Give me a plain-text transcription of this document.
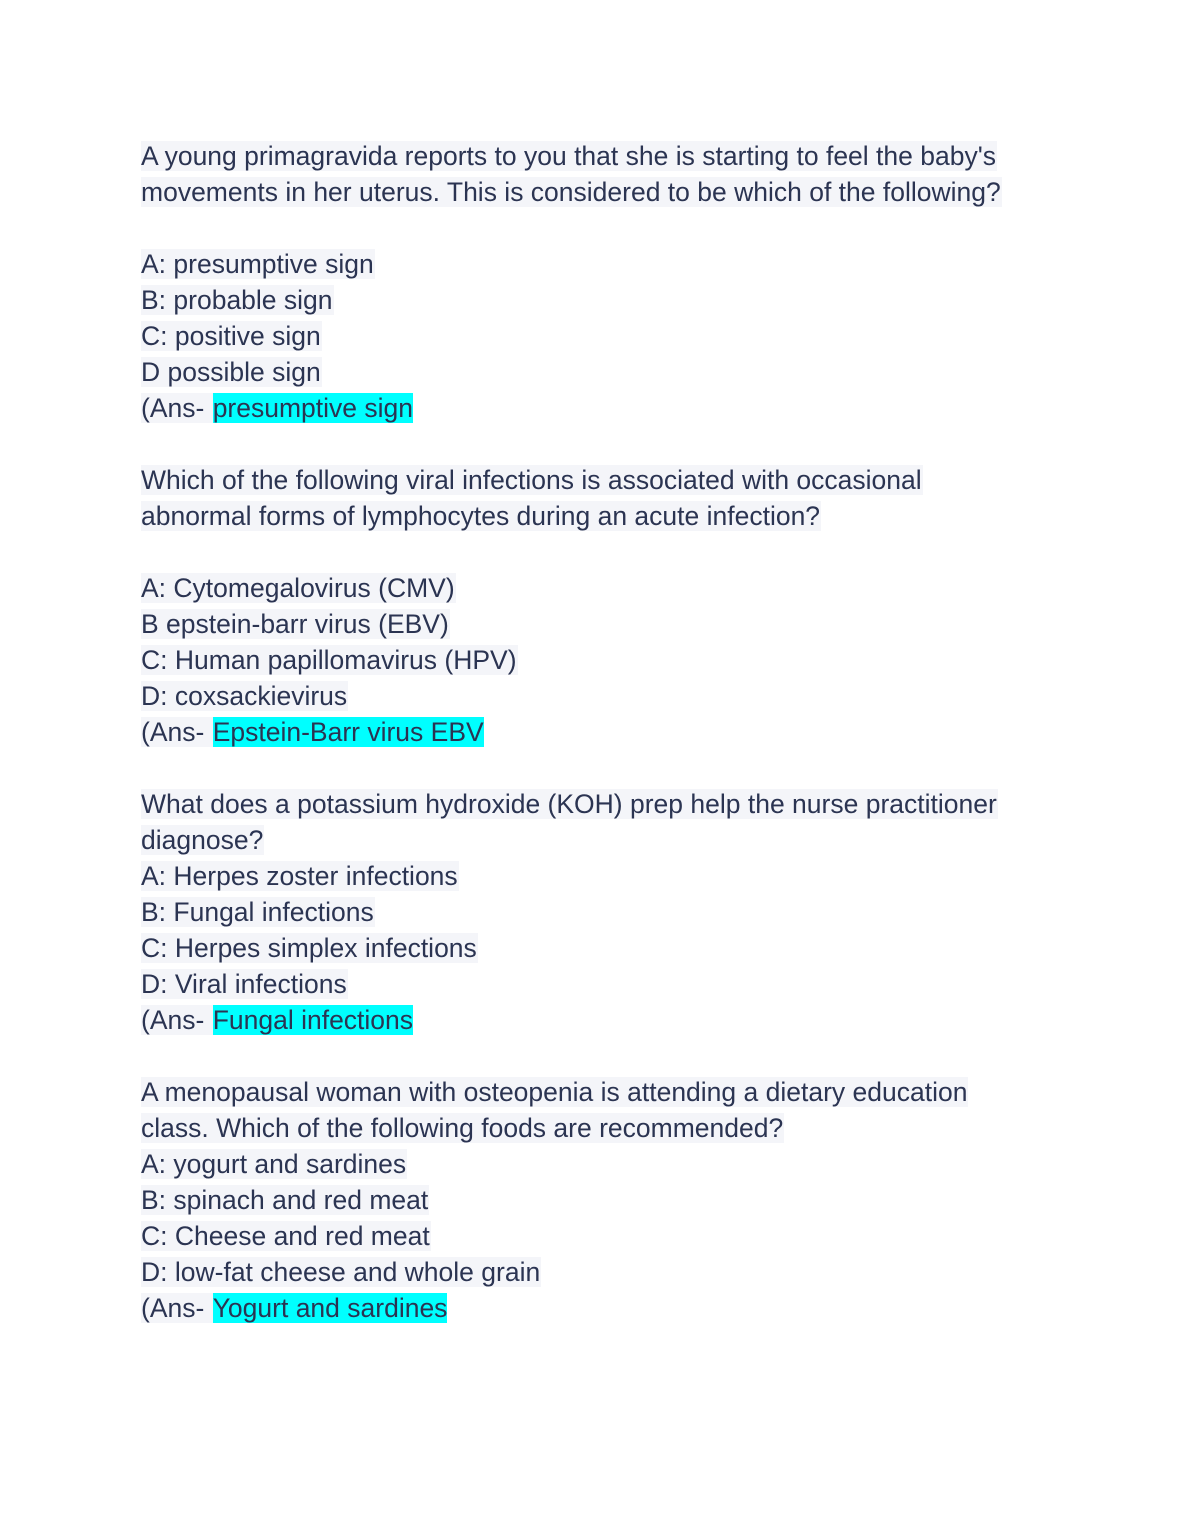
A young primagravida reports to you that she is starting to feel the baby's
movements in her uterus. This is considered to be which of the following?
A: presumptive sign
B: probable sign
C: positive sign
D possible sign
(Ans- presumptive sign
Which of the following viral infections is associated with occasional
abnormal forms of lymphocytes during an acute infection?
A: Cytomegalovirus (CMV)
B epstein-barr virus (EBV)
C: Human papillomavirus (HPV)
D: coxsackievirus
(Ans- Epstein-Barr virus EBV
What does a potassium hydroxide (KOH) prep help the nurse practitioner
diagnose?
A: Herpes zoster infections
B: Fungal infections
C: Herpes simplex infections
D: Viral infections
(Ans- Fungal infections
A menopausal woman with osteopenia is attending a dietary education
class. Which of the following foods are recommended?
A: yogurt and sardines
B: spinach and red meat
C: Cheese and red meat
D: low-fat cheese and whole grain
(Ans- Yogurt and sardines
